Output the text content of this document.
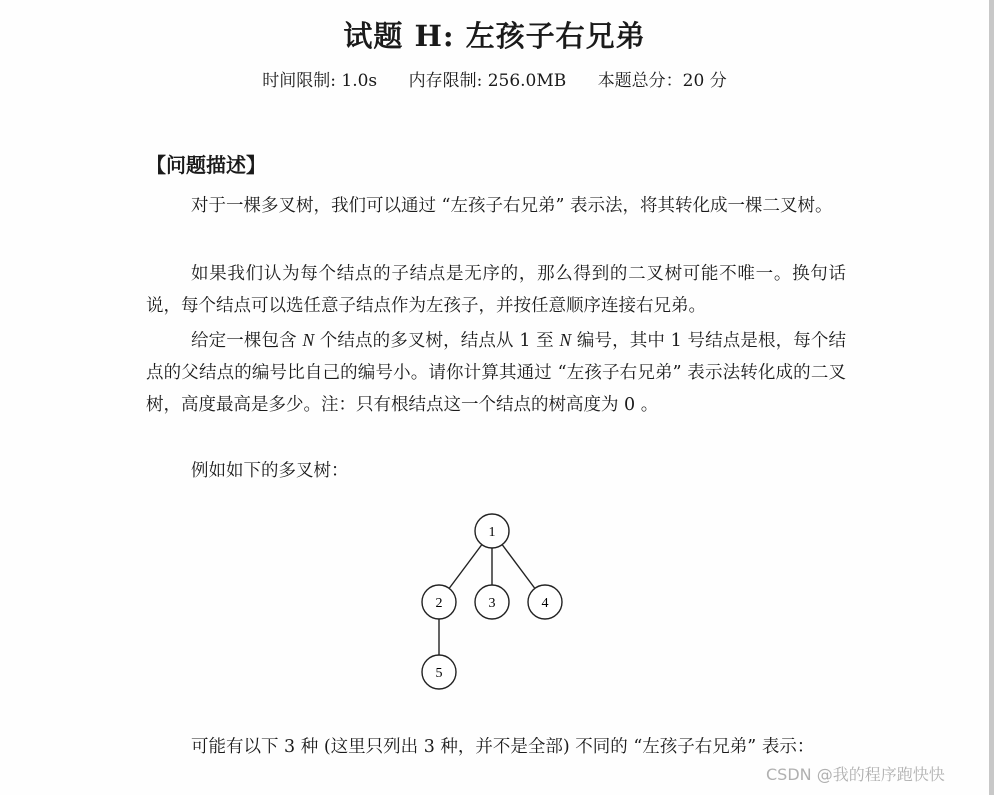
试题 H: 左孩子右兄弟
时间限制: 1.0s 内存限制: 256.0MB 本题总分：20 分
【问题描述】
对于一棵多叉树，我们可以通过 “左孩子右兄弟” 表示法，将其转化成一棵二叉树。
如果我们认为每个结点的子结点是无序的，那么得到的二叉树可能不唯一。换句话说，每个结点可以选任意子结点作为左孩子，并按任意顺序连接右兄弟。
给定一棵包含 N 个结点的多叉树，结点从 1 至 N 编号，其中 1 号结点是根，每个结点的父结点的编号比自己的编号小。请你计算其通过 “左孩子右兄弟” 表示法转化成的二叉树，高度最高是多少。注：只有根结点这一个结点的树高度为 0 。
例如如下的多叉树：
1
2	3	4
5
可能有以下 3 种 (这里只列出 3 种，并不是全部) 不同的 “左孩子右兄弟” 表示：
CSDN @我的程序跑快快
